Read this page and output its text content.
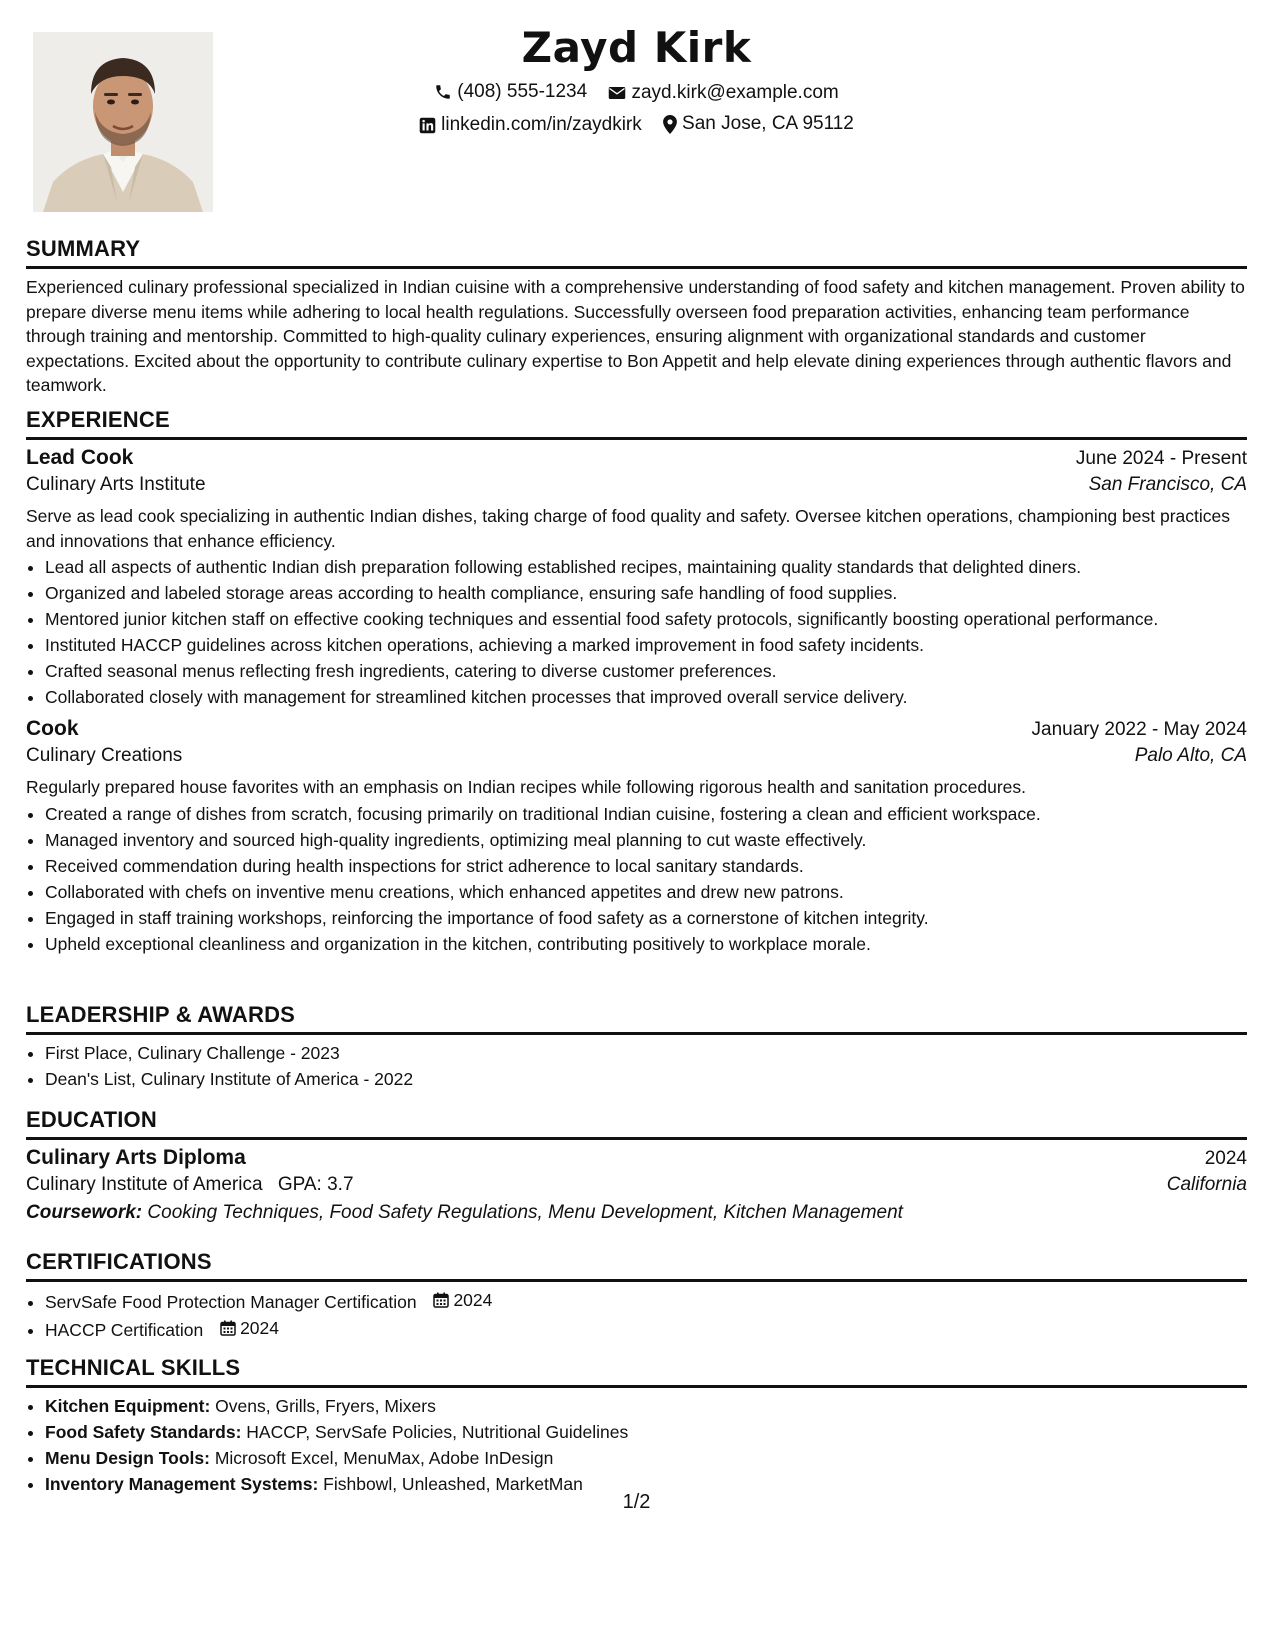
Zayd Kirk
(408) 555-1234
zayd.kirk@example.com
linkedin.com/in/zaydkirk
San Jose, CA 95112
SUMMARY

Experienced culinary professional specialized in Indian cuisine with a comprehensive understanding of food safety and kitchen management. Proven ability to prepare diverse menu items while adhering to local health regulations. Successfully overseen food preparation activities, enhancing team performance through training and mentorship. Committed to high-quality culinary experiences, ensuring alignment with organizational standards and customer expectations. Excited about the opportunity to contribute culinary expertise to Bon Appetit and help elevate dining experiences through authentic flavors and teamwork.

EXPERIENCE
Lead Cook	June 2024 - Present
Culinary Arts Institute	San Francisco, CA

Serve as lead cook specializing in authentic Indian dishes, taking charge of food quality and safety. Oversee kitchen operations, championing best practices and innovations that enhance efficiency.

• Lead all aspects of authentic Indian dish preparation following established recipes, maintaining quality standards that delighted diners.
• Organized and labeled storage areas according to health compliance, ensuring safe handling of food supplies.
• Mentored junior kitchen staff on effective cooking techniques and essential food safety protocols, significantly boosting operational performance.
• Instituted HACCP guidelines across kitchen operations, achieving a marked improvement in food safety incidents.
• Crafted seasonal menus reflecting fresh ingredients, catering to diverse customer preferences.
• Collaborated closely with management for streamlined kitchen processes that improved overall service delivery.
Cook	January 2022 - May 2024
Culinary Creations	Palo Alto, CA

Regularly prepared house favorites with an emphasis on Indian recipes while following rigorous health and sanitation procedures.

• Created a range of dishes from scratch, focusing primarily on traditional Indian cuisine, fostering a clean and efficient workspace.
• Managed inventory and sourced high-quality ingredients, optimizing meal planning to cut waste effectively.
• Received commendation during health inspections for strict adherence to local sanitary standards.
• Collaborated with chefs on inventive menu creations, which enhanced appetites and drew new patrons.
• Engaged in staff training workshops, reinforcing the importance of food safety as a cornerstone of kitchen integrity.
• Upheld exceptional cleanliness and organization in the kitchen, contributing positively to workplace morale.
LEADERSHIP & AWARDS
• First Place, Culinary Challenge - 2023
• Dean's List, Culinary Institute of America - 2022
EDUCATION
Culinary Arts Diploma	2024
Culinary Institute of America GPA: 3.7	California
Coursework: Cooking Techniques, Food Safety Regulations, Menu Development, Kitchen Management
CERTIFICATIONS
• ServSafe Food Protection Manager Certification 2024
• HACCP Certification 2024
TECHNICAL SKILLS
• Kitchen Equipment: Ovens, Grills, Fryers, Mixers
• Food Safety Standards: HACCP, ServSafe Policies, Nutritional Guidelines
• Menu Design Tools: Microsoft Excel, MenuMax, Adobe InDesign
• Inventory Management Systems: Fishbowl, Unleashed, MarketMan
1/2
